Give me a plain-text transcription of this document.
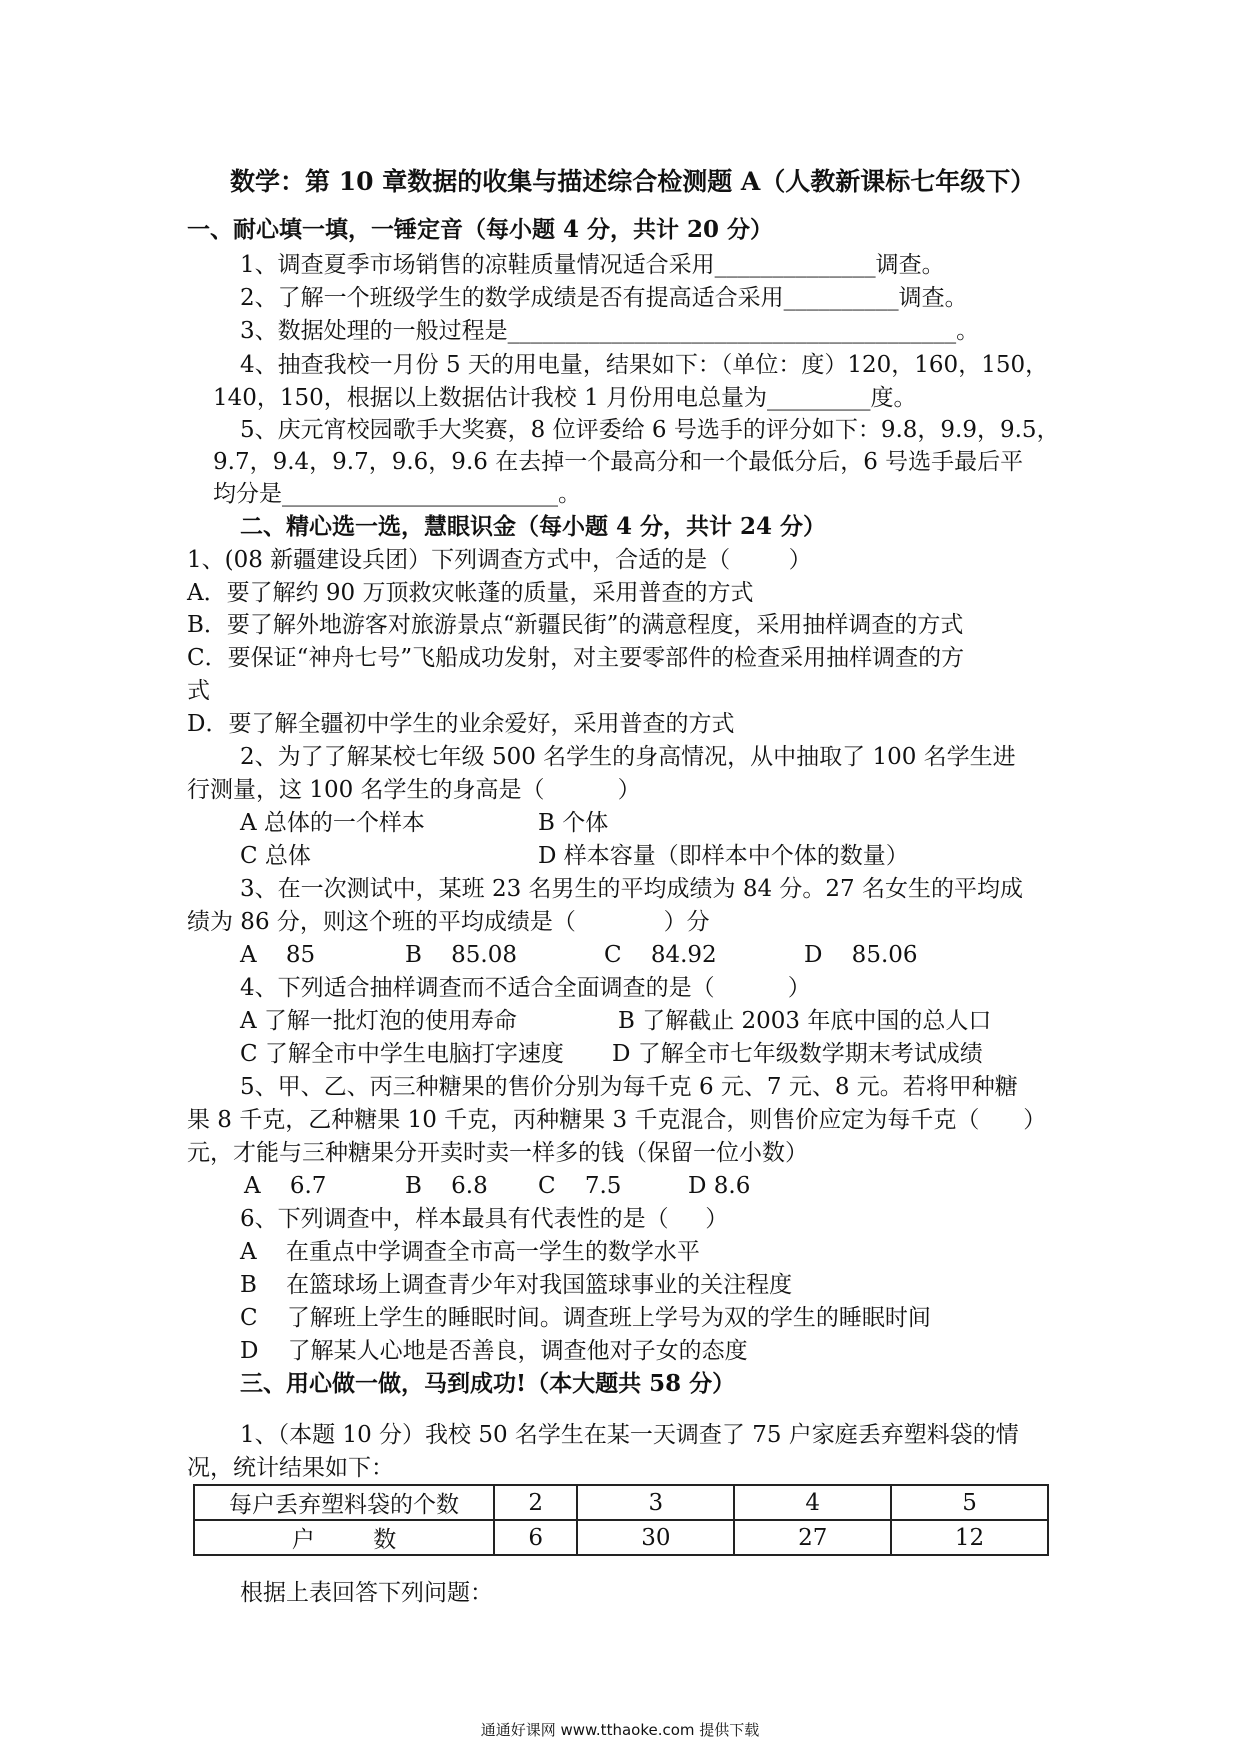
数学：第 10 章数据的收集与描述综合检测题 A（人教新课标七年级下）
一、耐心填一填，一锤定音（每小题 4 分，共计 20 分）
1、调查夏季市场销售的凉鞋质量情况适合采用______________调查。
2、了解一个班级学生的数学成绩是否有提高适合采用__________调查。
3、数据处理的一般过程是_______________________________________。
4、抽查我校一月份 5 天的用电量，结果如下：（单位：度）120，160，150，
140，150，根据以上数据估计我校 1 月份用电总量为_________度。
5、庆元宵校园歌手大奖赛，8 位评委给 6 号选手的评分如下：9.8，9.9，9.5，
9.7，9.4，9.7，9.6，9.6 在去掉一个最高分和一个最低分后，6 号选手最后平
均分是________________________。
二、精心选一选，慧眼识金（每小题 4 分，共计 24 分）
1、(08 新疆建设兵团）下列调查方式中，合适的是（        ）
A．要了解约 90 万顶救灾帐蓬的质量，采用普查的方式
B．要了解外地游客对旅游景点“新疆民街”的满意程度，采用抽样调查的方式
C．要保证“神舟七号”飞船成功发射，对主要零部件的检查采用抽样调查的方
式
D．要了解全疆初中学生的业余爱好，采用普查的方式
2、为了了解某校七年级 500 名学生的身高情况，从中抽取了 100 名学生进
行测量，这 100 名学生的身高是（          ）
A 总体的一个样本	B 个体
C 总体	D 样本容量（即样本中个体的数量）
3、在一次测试中，某班 23 名男生的平均成绩为 84 分。27 名女生的平均成
绩为 86 分，则这个班的平均成绩是（            ）分
A    85	B    85.08	C    84.92	D    85.06
4、下列适合抽样调查而不适合全面调查的是（          ）
A 了解一批灯泡的使用寿命	B 了解截止 2003 年底中国的总人口
C 了解全市中学生电脑打字速度 D 了解全市七年级数学期末考试成绩
5、甲、乙、丙三种糖果的售价分别为每千克 6 元、7 元、8 元。若将甲种糖
果 8 千克，乙种糖果 10 千克，丙种糖果 3 千克混合，则售价应定为每千克（      ）
元，才能与三种糖果分开卖时卖一样多的钱（保留一位小数）
A    6.7	B    6.8 C    7.5	D 8.6
6、下列调查中，样本最具有代表性的是（     ）
A    在重点中学调查全市高一学生的数学水平
B    在篮球场上调查青少年对我国篮球事业的关注程度
C    了解班上学生的睡眠时间。调查班上学号为双的学生的睡眠时间
D    了解某人心地是否善良，调查他对子女的态度
三、用心做一做，马到成功!（本大题共 58 分）
1、（本题 10 分）我校 50 名学生在某一天调查了 75 户家庭丢弃塑料袋的情
况，统计结果如下：
每户丢弃塑料袋的个数	2	3	4	5
户        数	6	30	27	12
根据上表回答下列问题：
通通好课网 www.tthaoke.com 提供下载
